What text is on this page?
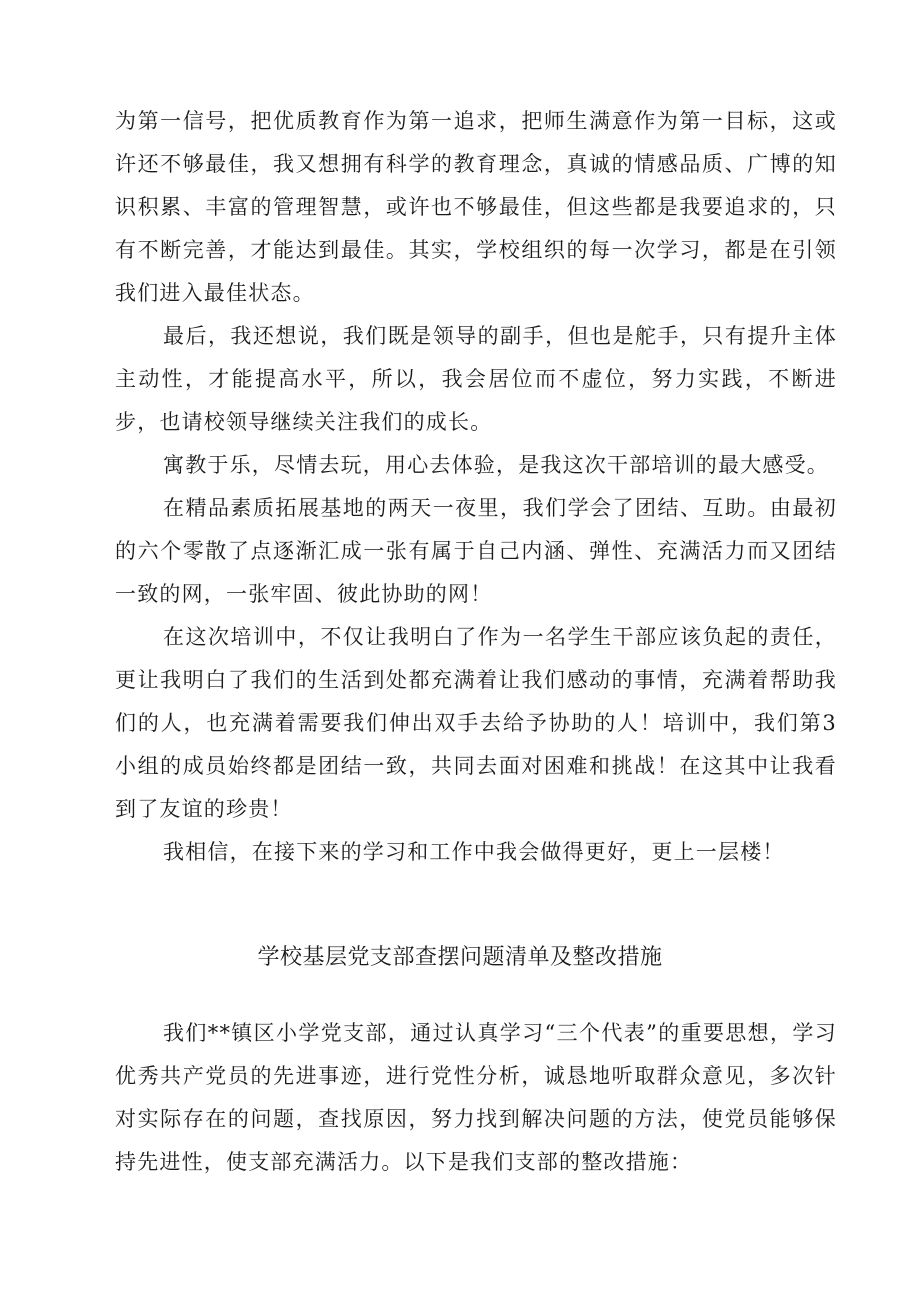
为第一信号，把优质教育作为第一追求，把师生满意作为第一目标，这或许还不够最佳，我又想拥有科学的教育理念，真诚的情感品质、广博的知识积累、丰富的管理智慧，或许也不够最佳，但这些都是我要追求的，只有不断完善，才能达到最佳。其实，学校组织的每一次学习，都是在引领我们进入最佳状态。

最后，我还想说，我们既是领导的副手，但也是舵手，只有提升主体主动性，才能提高水平，所以，我会居位而不虚位，努力实践，不断进步，也请校领导继续关注我们的成长。

寓教于乐，尽情去玩，用心去体验，是我这次干部培训的最大感受。

在精品素质拓展基地的两天一夜里，我们学会了团结、互助。由最初的六个零散了点逐渐汇成一张有属于自己内涵、弹性、充满活力而又团结一致的网，一张牢固、彼此协助的网！

在这次培训中，不仅让我明白了作为一名学生干部应该负起的责任，更让我明白了我们的生活到处都充满着让我们感动的事情，充满着帮助我们的人，也充满着需要我们伸出双手去给予协助的人！培训中，我们第3小组的成员始终都是团结一致，共同去面对困难和挑战！在这其中让我看到了友谊的珍贵！

我相信，在接下来的学习和工作中我会做得更好，更上一层楼！

学校基层党支部查摆问题清单及整改措施

我们**镇区小学党支部，通过认真学习“三个代表”的重要思想，学习优秀共产党员的先进事迹，进行党性分析，诚恳地听取群众意见，多次针对实际存在的问题，查找原因，努力找到解决问题的方法，使党员能够保持先进性，使支部充满活力。以下是我们支部的整改措施：
